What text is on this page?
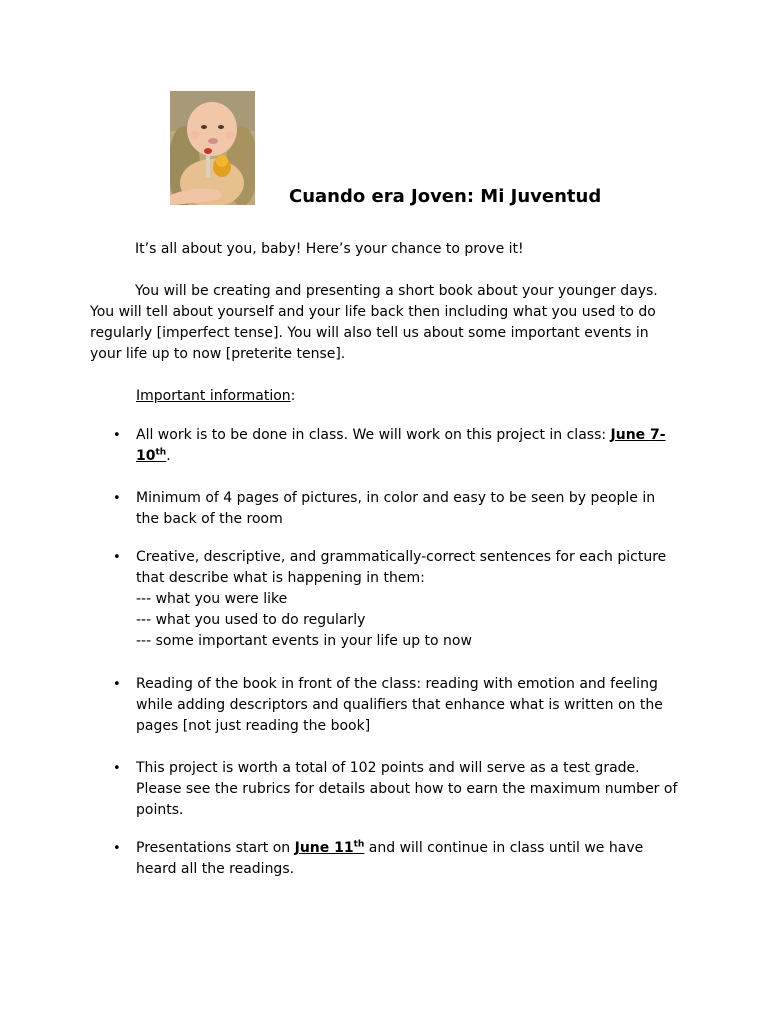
Cuando era Joven: Mi Juventud

It’s all about you, baby! Here’s your chance to prove it!

You will be creating and presenting a short book about your younger days. You will tell about yourself and your life back then including what you used to do regularly [imperfect tense]. You will also tell us about some important events in your life up to now [preterite tense].

Important information:
• All work is to be done in class. We will work on this project in class: June 7-10th.
• Minimum of 4 pages of pictures, in color and easy to be seen by people in the back of the room
• Creative, descriptive, and grammatically-correct sentences for each picture that describe what is happening in them:
--- what you were like
--- what you used to do regularly
--- some important events in your life up to now
• Reading of the book in front of the class: reading with emotion and feeling while adding descriptors and qualifiers that enhance what is written on the pages [not just reading the book]
• This project is worth a total of 102 points and will serve as a test grade. Please see the rubrics for details about how to earn the maximum number of points.
• Presentations start on June 11th and will continue in class until we have heard all the readings.
